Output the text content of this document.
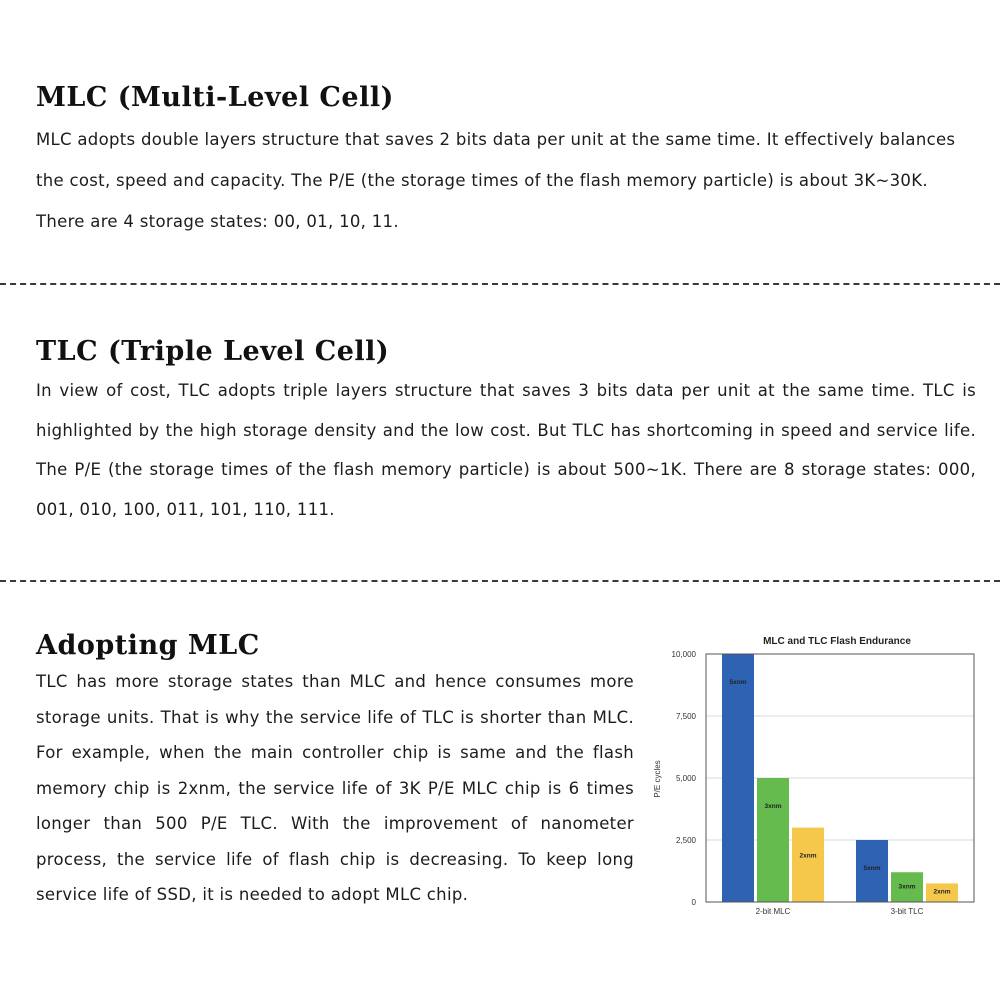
MLC (Multi-Level Cell)

MLC adopts double layers structure that saves 2 bits data per unit at the same time. It effectively balances the cost, speed and capacity. The P/E (the storage times of the flash memory particle) is about 3K~30K. There are 4 storage states: 00, 01, 10, 11.

TLC (Triple Level Cell)

In view of cost, TLC adopts triple layers structure that saves 3 bits data per unit at the same time. TLC is highlighted by the high storage density and the low cost. But TLC has shortcoming in speed and service life. The P/E (the storage times of the flash memory particle) is about 500~1K. There are 8 storage states: 000, 001, 010, 100, 011, 101, 110, 111.

Adopting MLC

TLC has more storage states than MLC and hence consumes more storage units. That is why the service life of TLC is shorter than MLC. For example, when the main controller chip is same and the flash memory chip is 2xnm, the service life of 3K P/E MLC chip is 6 times longer than 500 P/E TLC. With the improvement of nanometer process, the service life of flash chip is decreasing. To keep long service life of SSD, it is needed to adopt MLC chip.

MLC and TLC Flash Endurance
P/E cycles
0
2,500
5,000
7,500
10,000
5xnm
3xnm
2xnm
5xnm
3xnm
2xnm
2-bit MLC	3-bit TLC
